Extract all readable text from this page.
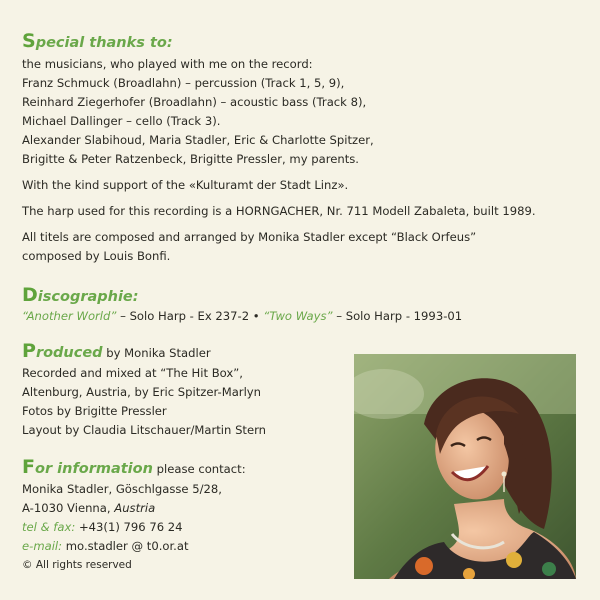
Special thanks to:
the musicians, who played with me on the record:
Franz Schmuck (Broadlahn) – percussion (Track 1, 5, 9),
Reinhard Ziegerhofer (Broadlahn) – acoustic bass (Track 8),
Michael Dallinger – cello (Track 3).
Alexander Slabihoud, Maria Stadler, Eric & Charlotte Spitzer,
Brigitte & Peter Ratzenbeck, Brigitte Pressler, my parents.
With the kind support of the «Kulturamt der Stadt Linz».
The harp used for this recording is a HORNGACHER, Nr. 711 Modell Zabaleta, built 1989.
All titels are composed and arranged by Monika Stadler except “Black Orfeus”
composed by Louis Bonfi.
Discographie:
“Another World” – Solo Harp - Ex 237-2 • “Two Ways” – Solo Harp - 1993-01
Produced by Monika Stadler
Recorded and mixed at “The Hit Box”,
Altenburg, Austria, by Eric Spitzer-Marlyn
Fotos by Brigitte Pressler
Layout by Claudia Litschauer/Martin Stern
For information please contact:
Monika Stadler, Göschlgasse 5/28,
A-1030 Vienna, Austria
tel & fax: +43(1) 796 76 24
e-mail: mo.stadler @ t0.or.at
© All rights reserved
